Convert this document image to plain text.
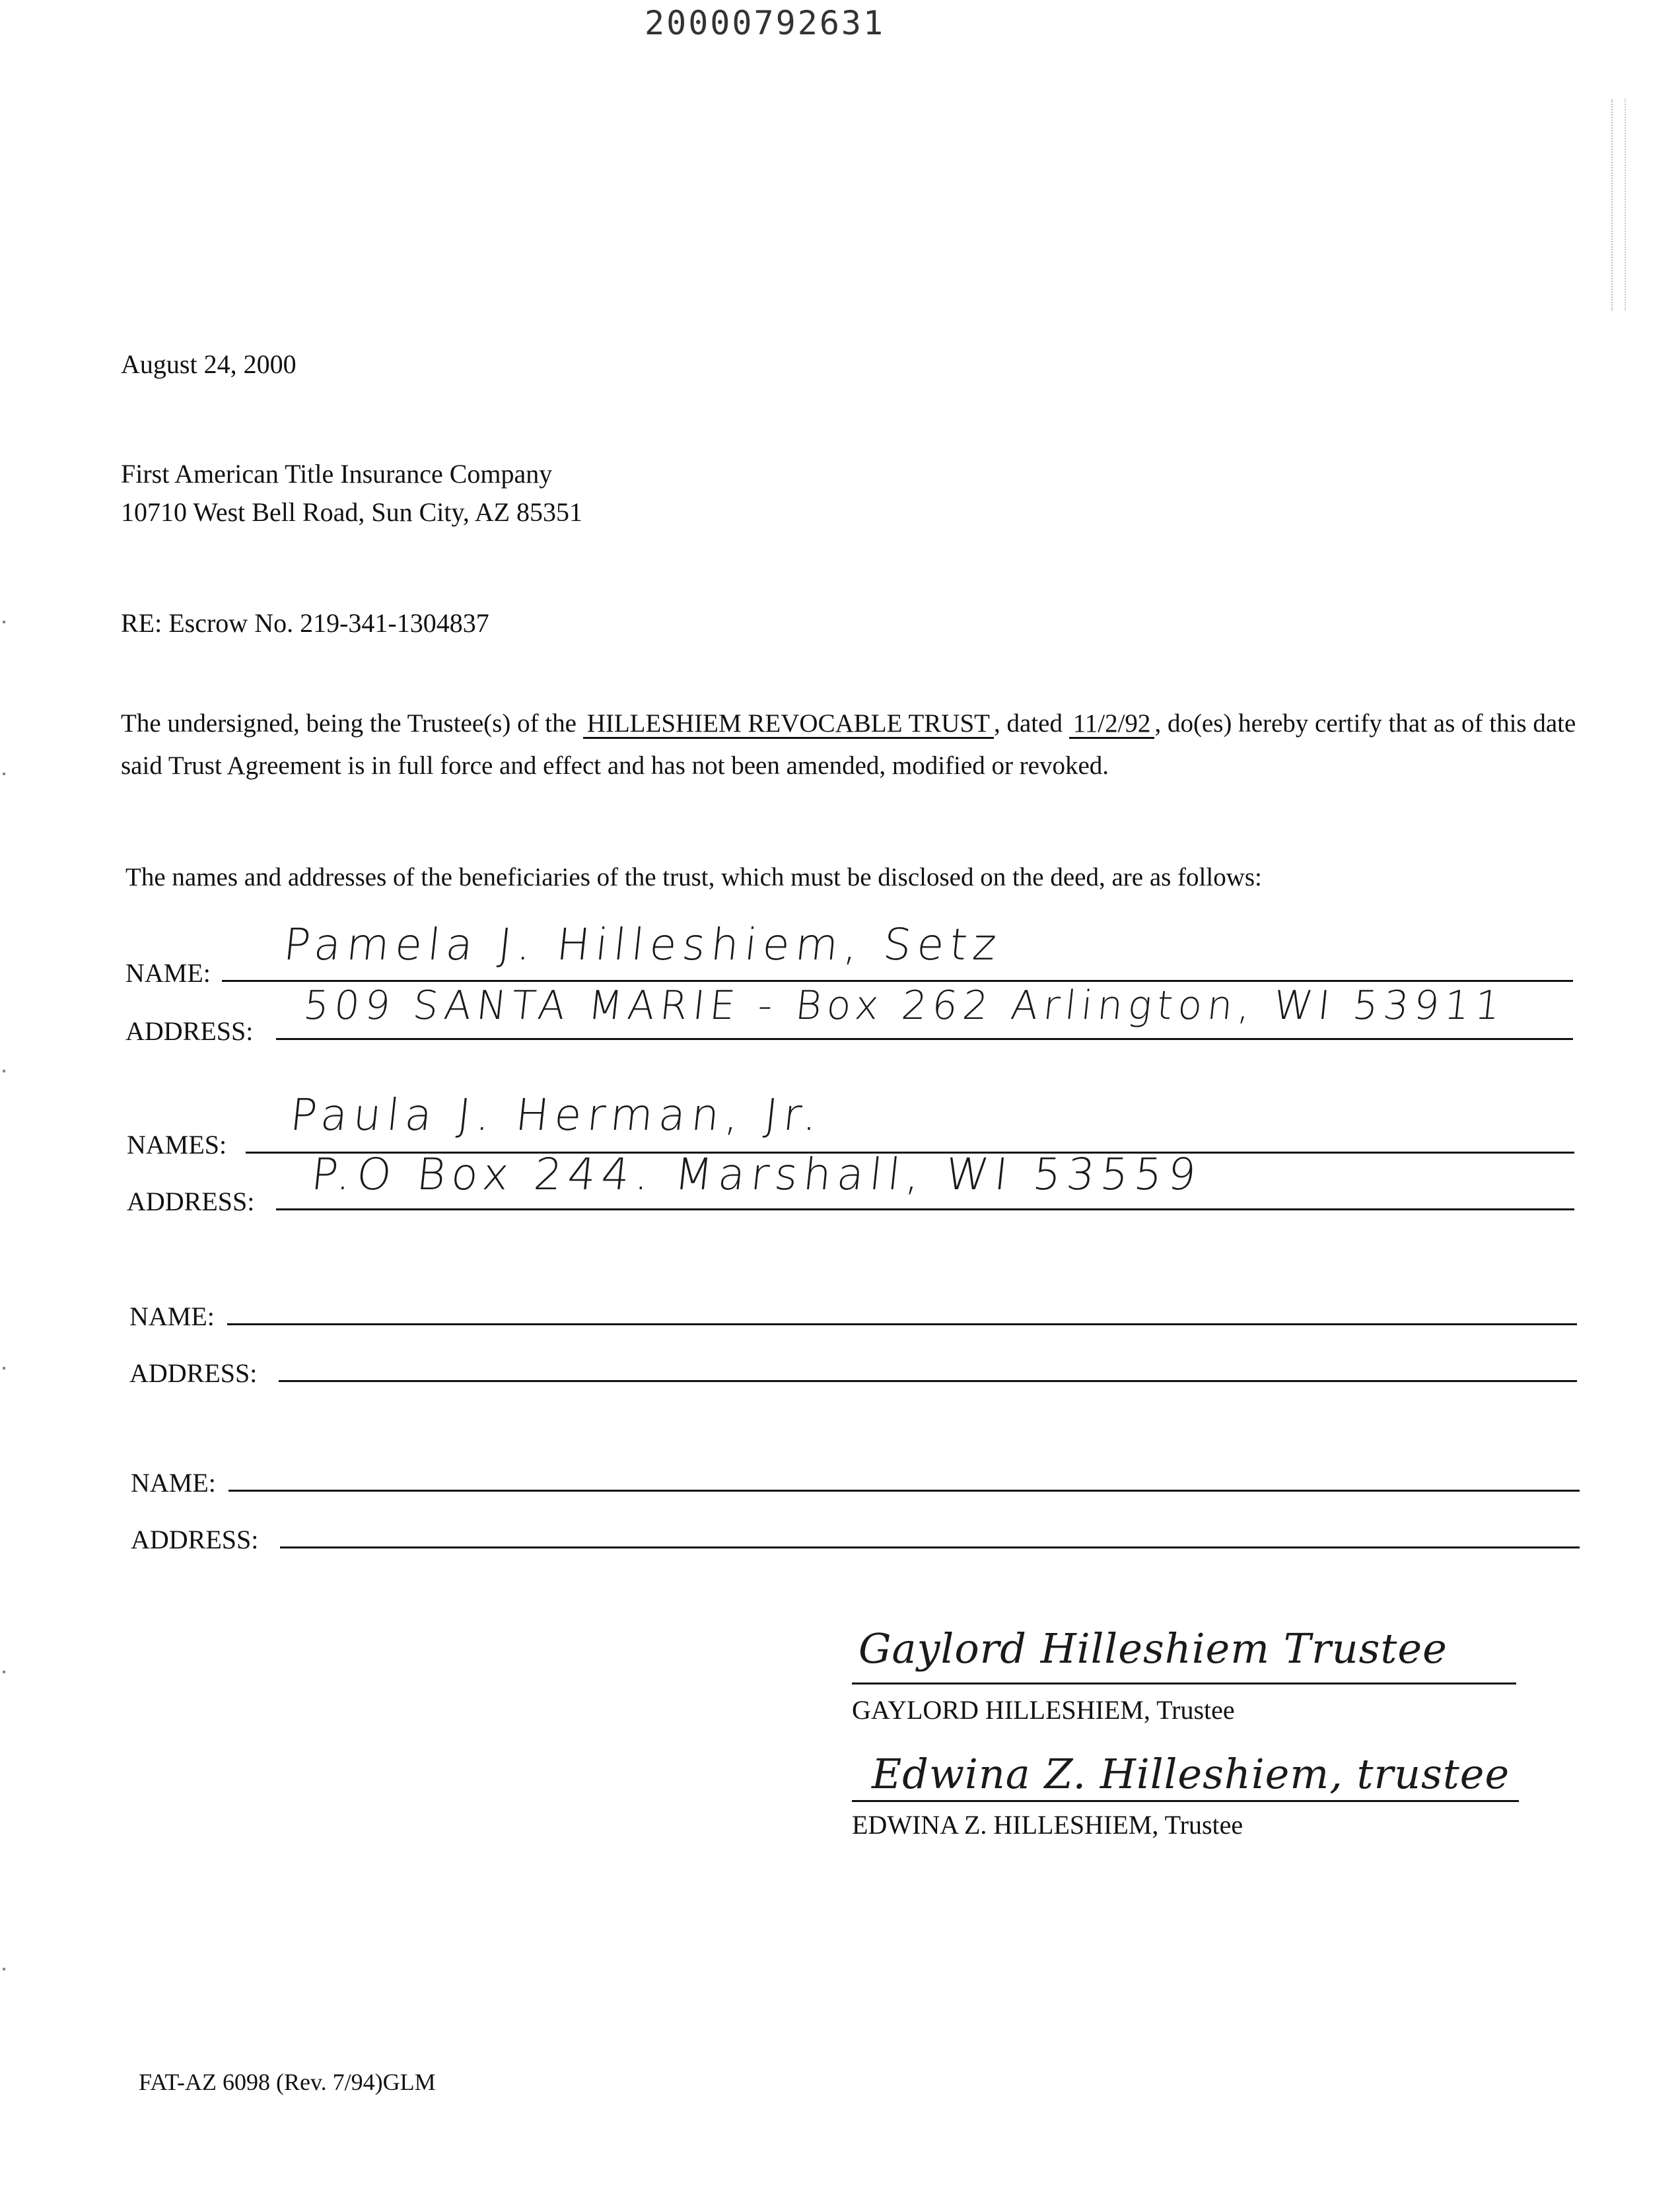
20000792631
August 24, 2000
First American Title Insurance Company
10710 West Bell Road, Sun City, AZ 85351
RE: Escrow No. 219-341-1304837
The undersigned, being the Trustee(s) of the HILLESHIEM REVOCABLE TRUST , dated 11/2/92 , do(es) hereby certify that as of this date said Trust Agreement is in full force and effect and has not been amended, modified or revoked.
The names and addresses of the beneficiaries of the trust, which must be disclosed on the deed, are as follows:
NAME:
Pamela J. Hilleshiem, Setz
ADDRESS:
509 SANTA MARIE - Box 262 Arlington, WI 53911
NAMES:
Paula J. Herman, Jr.
ADDRESS:
P.O Box 244. Marshall, WI 53559
NAME:
ADDRESS:
NAME:
ADDRESS:
Gaylord Hilleshiem Trustee
GAYLORD HILLESHIEM, Trustee
Edwina Z. Hilleshiem, trustee
EDWINA Z. HILLESHIEM, Trustee
FAT-AZ 6098 (Rev. 7/94)GLM
